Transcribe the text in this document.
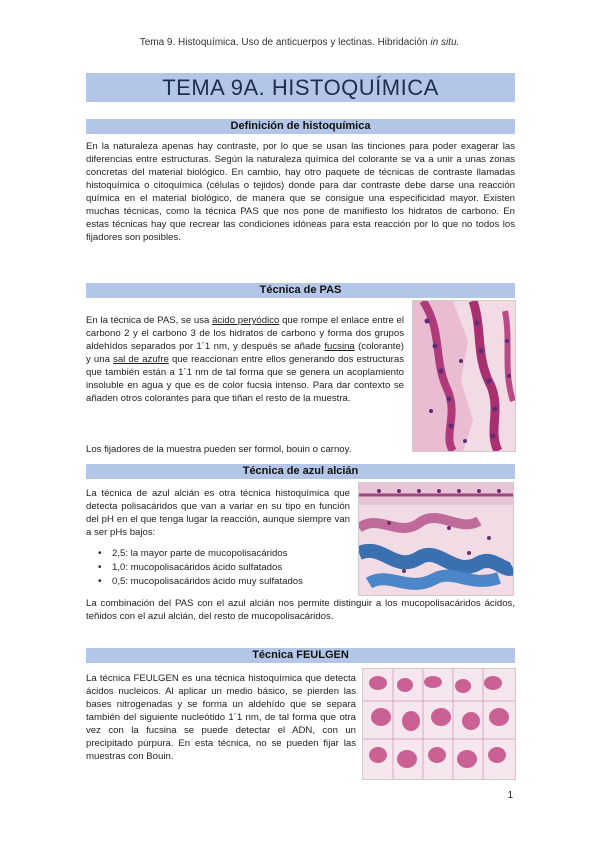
Tema 9. Histoquímica. Uso de anticuerpos y lectinas. Hibridación in situ.
TEMA 9A. HISTOQUÍMICA
Definición de histoquímica
En la naturaleza apenas hay contraste, por lo que se usan las tinciones para poder exagerar las diferencias entre estructuras. Según la naturaleza química del colorante se va a unir a unas zonas concretas del material biológico. En cambio, hay otro paquete de técnicas de contraste llamadas histoquímica o citoquímica (células o tejidos) donde para dar contraste debe darse una reacción química en el material biológico, de manera que se consigue una especificidad mayor. Existen muchas técnicas, como la técnica PAS que nos pone de manifiesto los hidratos de carbono. En estas técnicas hay que recrear las condiciones idóneas para esta reacción por lo que no todos los fijadores son posibles.
Técnica de PAS
En la técnica de PAS, se usa ácido peryódico que rompe el enlace entre el carbono 2 y el carbono 3 de los hidratos de carbono y forma dos grupos aldehídos separados por 1´1 nm, y después se añade fucsina (colorante) y una sal de azufre que reaccionan entre ellos generando dos estructuras que también están a 1´1 nm de tal forma que se genera un acoplamiento insoluble en agua y que es de color fucsia intenso. Para dar contexto se añaden otros colorantes para que tiñan el resto de la muestra.
Los fijadores de la muestra pueden ser formol, bouin o carnoy.
Técnica de azul alcián
La técnica de azul alcián es otra técnica histoquímica que detecta polisacáridos que van a variar en su tipo en función del pH en el que tenga lugar la reacción, aunque siempre van a ser pHs bajos:
• 2,5: la mayor parte de mucopolisacáridos
• 1,0: mucopolisacáridos ácido sulfatados
• 0,5: mucopolisacáridos ácido muy sulfatados
La combinación del PAS con el azul alcián nos permite distinguir a los mucopolisacáridos ácidos, teñidos con el azul alcián, del resto de mucopolisacáridos.
Técnica FEULGEN
La técnica FEULGEN es una técnica histoquímica que detecta ácidos nucleicos. Al aplicar un medio básico, se pierden las bases nitrogenadas y se forma un aldehído que se separa también del siguiente nucleótido 1´1 nm, de tal forma que otra vez con la fucsina se puede detectar el ADN, con un precipitado púrpura. En esta técnica, no se pueden fijar las muestras con Bouin.
1
